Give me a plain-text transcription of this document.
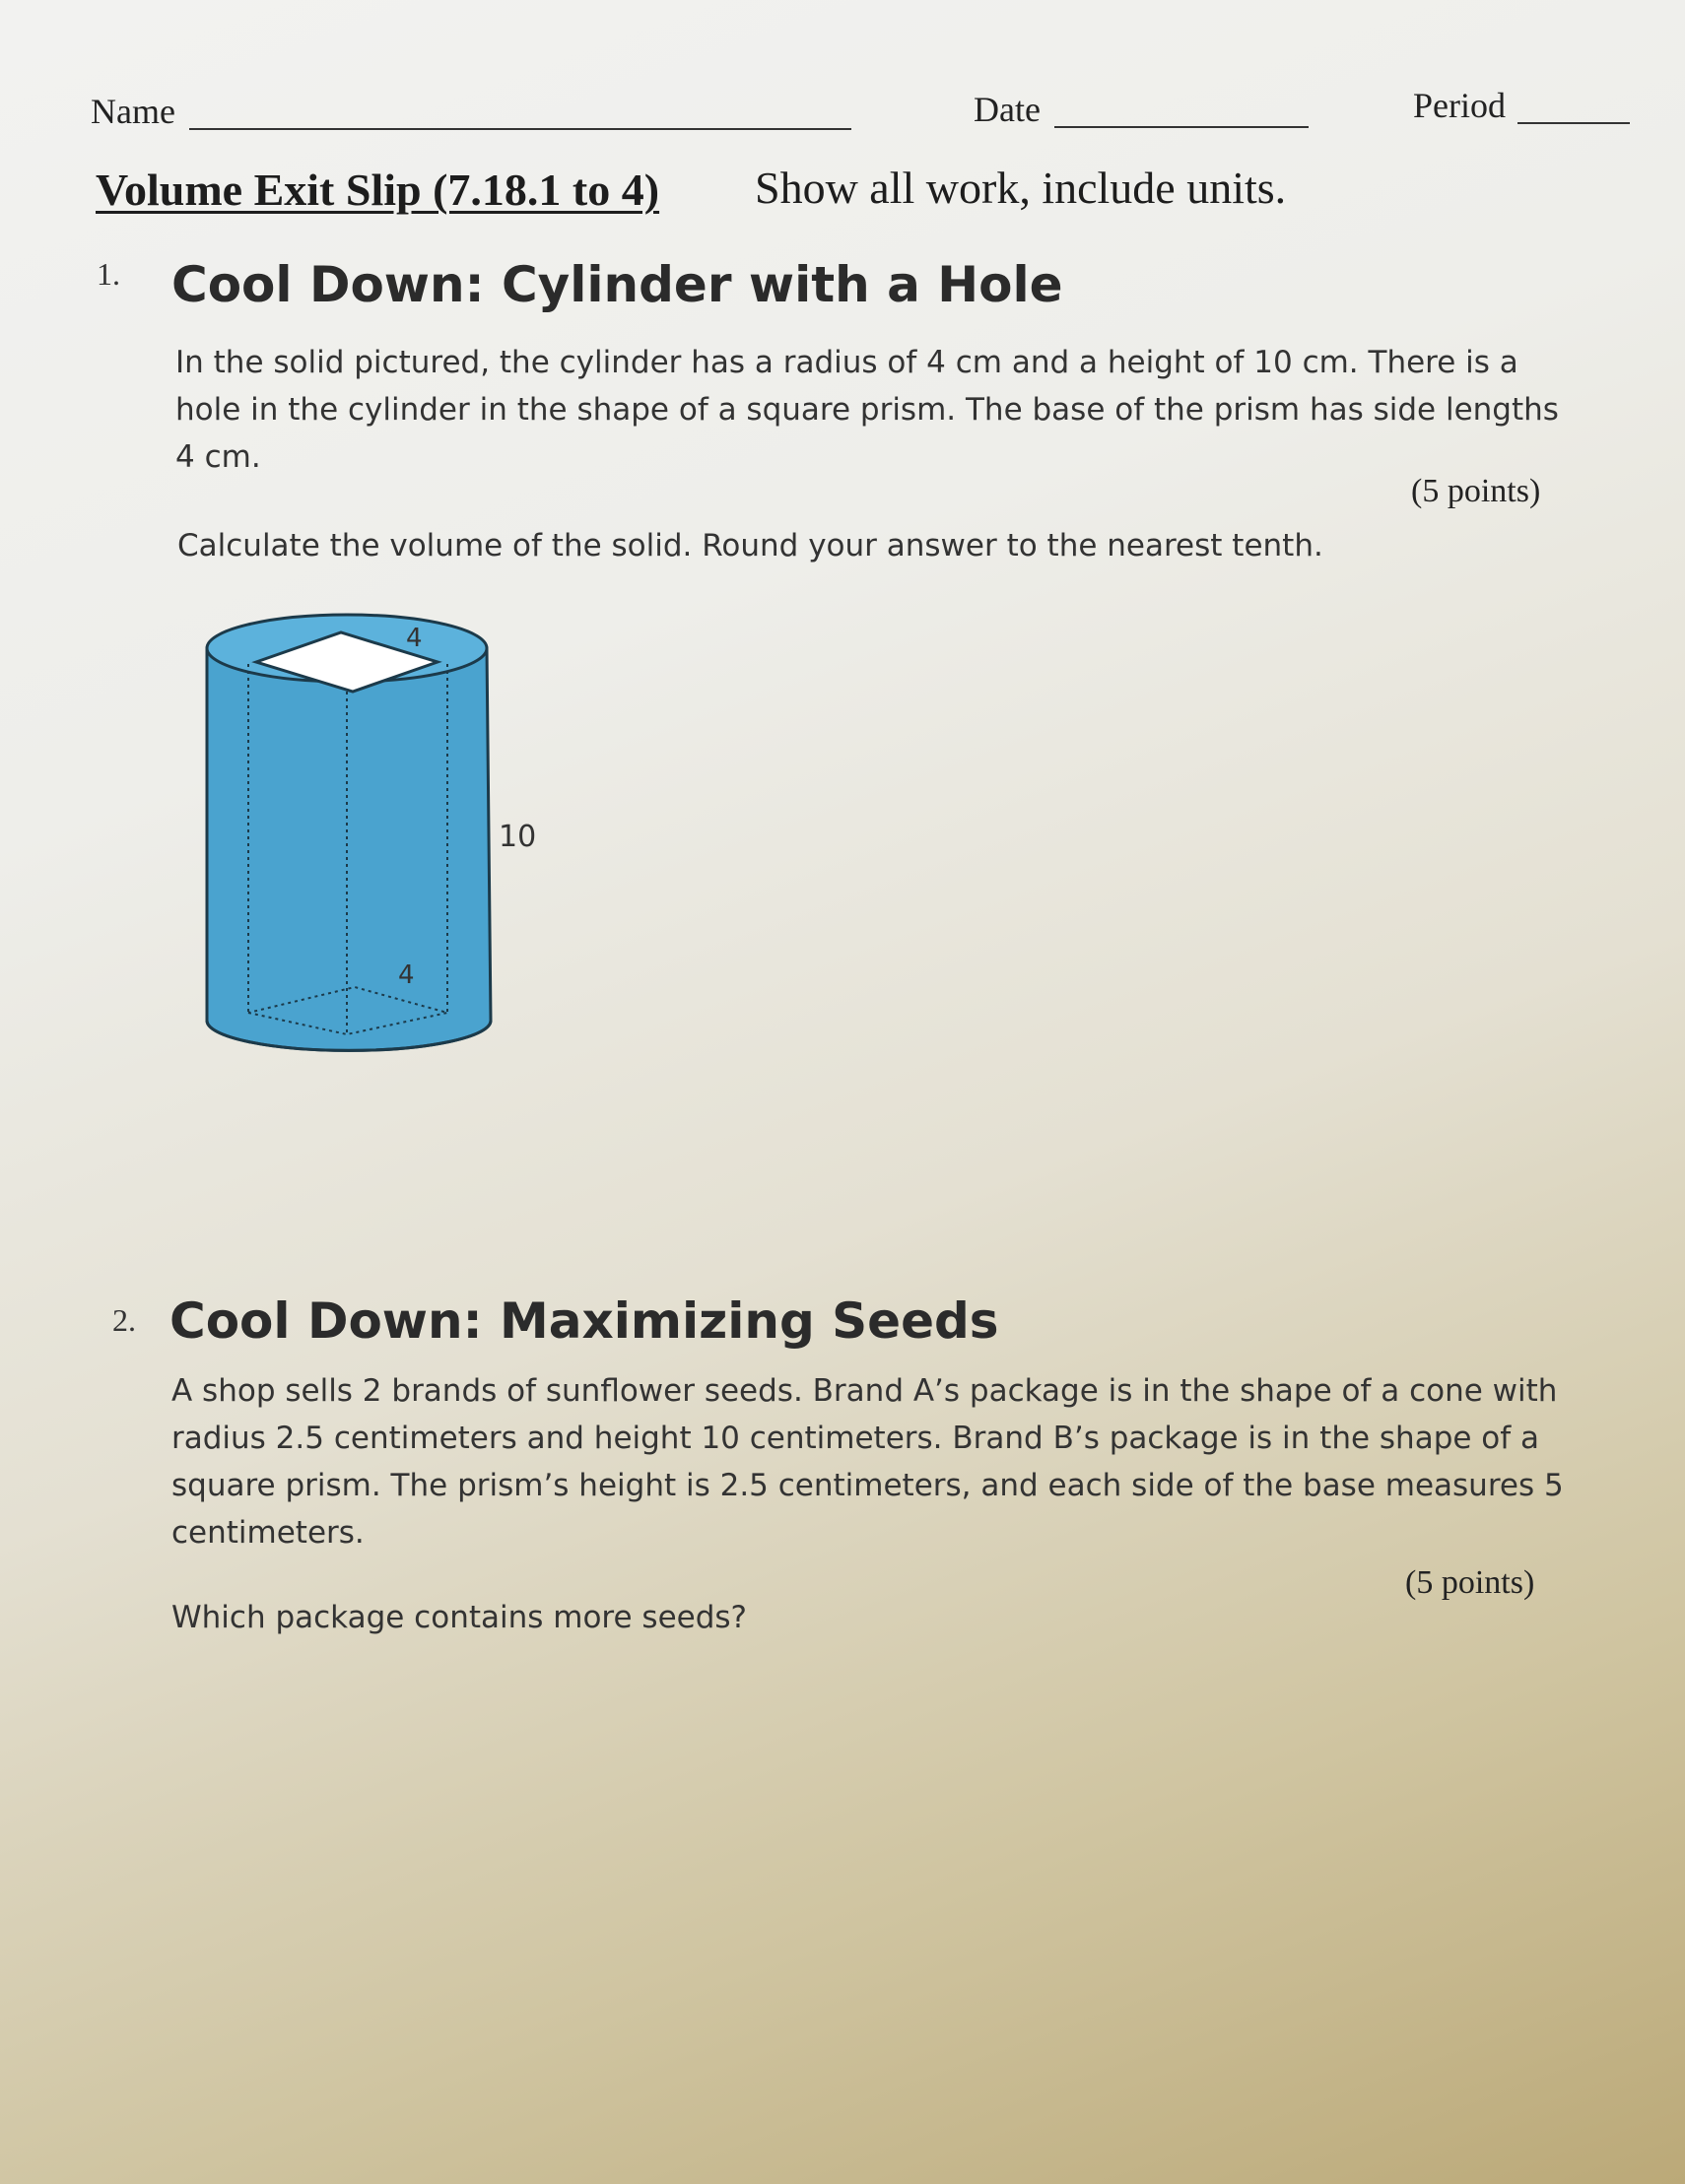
Name	Date	Period
Volume Exit Slip (7.18.1 to 4) Show all work, include units.
1. Cool Down: Cylinder with a Hole
In the solid pictured, the cylinder has a radius of 4 cm and a height of 10 cm. There is a
hole in the cylinder in the shape of a square prism. The base of the prism has side lengths
4 cm.
(5 points)
Calculate the volume of the solid. Round your answer to the nearest tenth.
4
4
10
2. Cool Down: Maximizing Seeds
A shop sells 2 brands of sunflower seeds. Brand A’s package is in the shape of a cone with
radius 2.5 centimeters and height 10 centimeters. Brand B’s package is in the shape of a
square prism. The prism’s height is 2.5 centimeters, and each side of the base measures 5
centimeters.
(5 points)
Which package contains more seeds?
